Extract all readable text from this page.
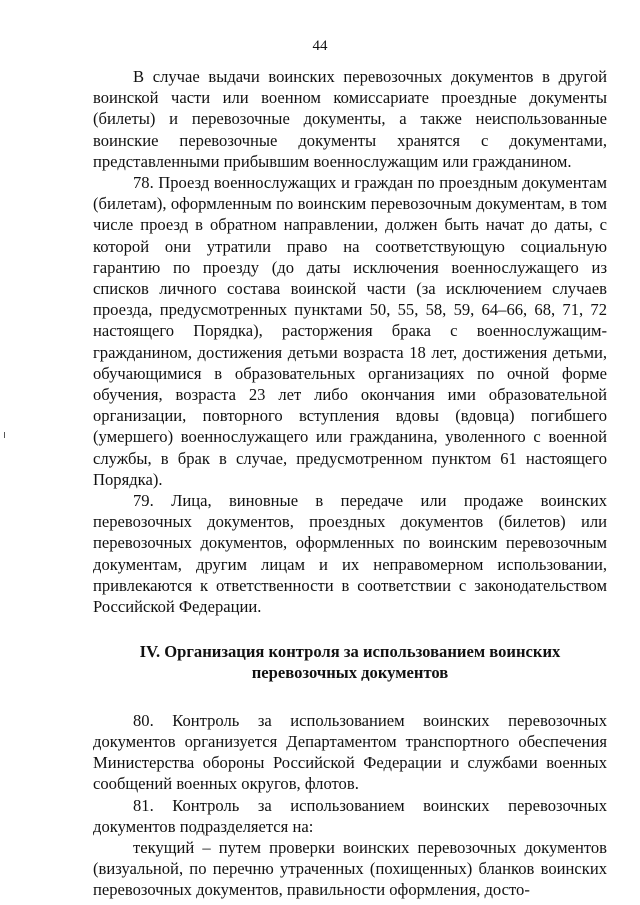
44

В случае выдачи воинских перевозочных документов в другой воинской части или военном комиссариате проездные документы (билеты) и перевозочные документы, а также неиспользованные воинские перевозочные документы хранятся с документами, представленными прибывшим военнослужащим или гражданином.

78. Проезд военнослужащих и граждан по проездным документам (билетам), оформленным по воинским перевозочным документам, в том числе проезд в обратном направлении, должен быть начат до даты, с которой они утратили право на соответствующую социальную гарантию по проезду (до даты исключения военнослужащего из списков личного состава воинской части (за исключением случаев проезда, предусмотренных пунктами 50, 55, 58, 59, 64–66, 68, 71, 72 настоящего Порядка), расторжения брака с военнослужащим-гражданином, достижения детьми возраста 18 лет, достижения детьми, обучающимися в образовательных организациях по очной форме обучения, возраста 23 лет либо окончания ими образовательной организации, повторного вступления вдовы (вдовца) погибшего (умершего) военнослужащего или гражданина, уволенного с военной службы, в брак в случае, предусмотренном пунктом 61 настоящего Порядка).

79. Лица, виновные в передаче или продаже воинских перевозочных документов, проездных документов (билетов) или перевозочных документов, оформленных по воинским перевозочным документам, другим лицам и их неправомерном использовании, привлекаются к ответственности в соответствии с законодательством Российской Федерации.

IV. Организация контроля за использованием воинских перевозочных документов

80. Контроль за использованием воинских перевозочных документов организуется Департаментом транспортного обеспечения Министерства обороны Российской Федерации и службами военных сообщений военных округов, флотов.

81. Контроль за использованием воинских перевозочных документов подразделяется на:

текущий – путем проверки воинских перевозочных документов (визуальной, по перечню утраченных (похищенных) бланков воинских перевозочных документов, правильности оформления, досто-
